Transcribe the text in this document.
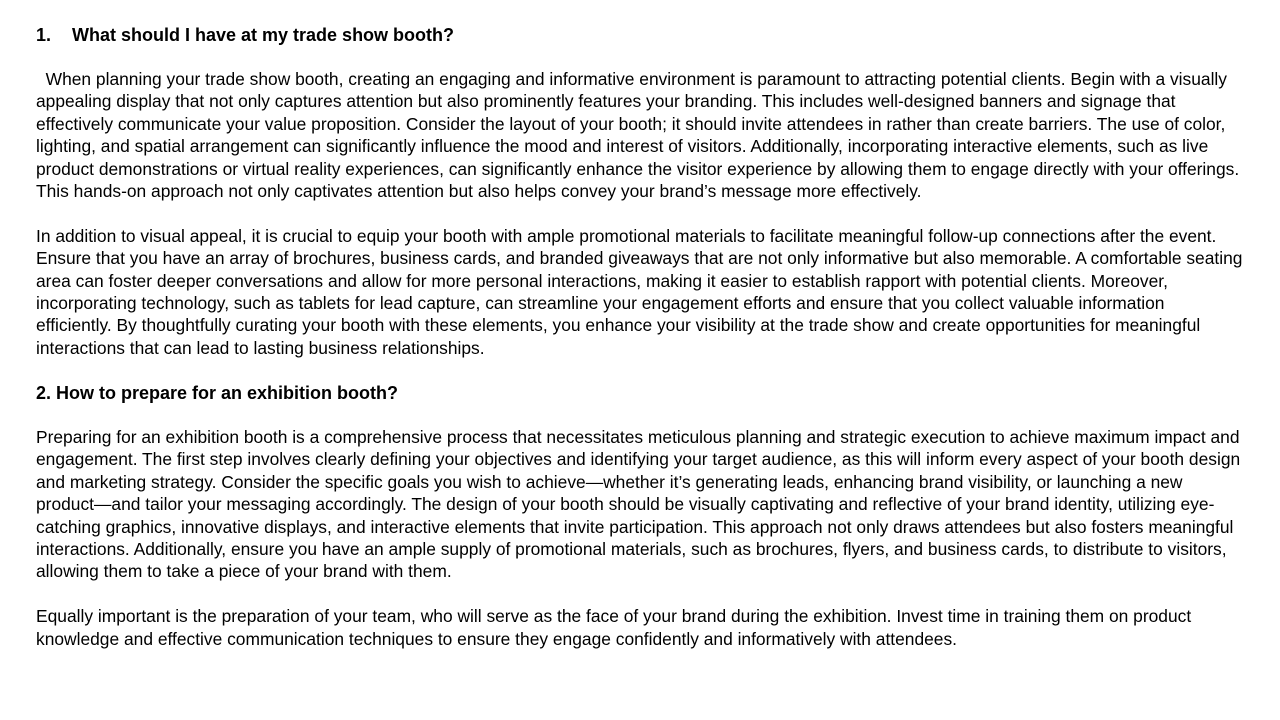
1. What should I have at my trade show booth?

When planning your trade show booth, creating an engaging and informative environment is paramount to attracting potential clients. Begin with a visually appealing display that not only captures attention but also prominently features your branding. This includes well-designed banners and signage that effectively communicate your value proposition. Consider the layout of your booth; it should invite attendees in rather than create barriers. The use of color, lighting, and spatial arrangement can significantly influence the mood and interest of visitors. Additionally, incorporating interactive elements, such as live product demonstrations or virtual reality experiences, can significantly enhance the visitor experience by allowing them to engage directly with your offerings. This hands-on approach not only captivates attention but also helps convey your brand’s message more effectively.

In addition to visual appeal, it is crucial to equip your booth with ample promotional materials to facilitate meaningful follow-up connections after the event. Ensure that you have an array of brochures, business cards, and branded giveaways that are not only informative but also memorable. A comfortable seating area can foster deeper conversations and allow for more personal interactions, making it easier to establish rapport with potential clients. Moreover, incorporating technology, such as tablets for lead capture, can streamline your engagement efforts and ensure that you collect valuable information efficiently. By thoughtfully curating your booth with these elements, you enhance your visibility at the trade show and create opportunities for meaningful interactions that can lead to lasting business relationships.

2. How to prepare for an exhibition booth?

Preparing for an exhibition booth is a comprehensive process that necessitates meticulous planning and strategic execution to achieve maximum impact and engagement. The first step involves clearly defining your objectives and identifying your target audience, as this will inform every aspect of your booth design and marketing strategy. Consider the specific goals you wish to achieve—whether it’s generating leads, enhancing brand visibility, or launching a new product—and tailor your messaging accordingly. The design of your booth should be visually captivating and reflective of your brand identity, utilizing eye-catching graphics, innovative displays, and interactive elements that invite participation. This approach not only draws attendees but also fosters meaningful interactions. Additionally, ensure you have an ample supply of promotional materials, such as brochures, flyers, and business cards, to distribute to visitors, allowing them to take a piece of your brand with them.

Equally important is the preparation of your team, who will serve as the face of your brand during the exhibition. Invest time in training them on product knowledge and effective communication techniques to ensure they engage confidently and informatively with attendees.
